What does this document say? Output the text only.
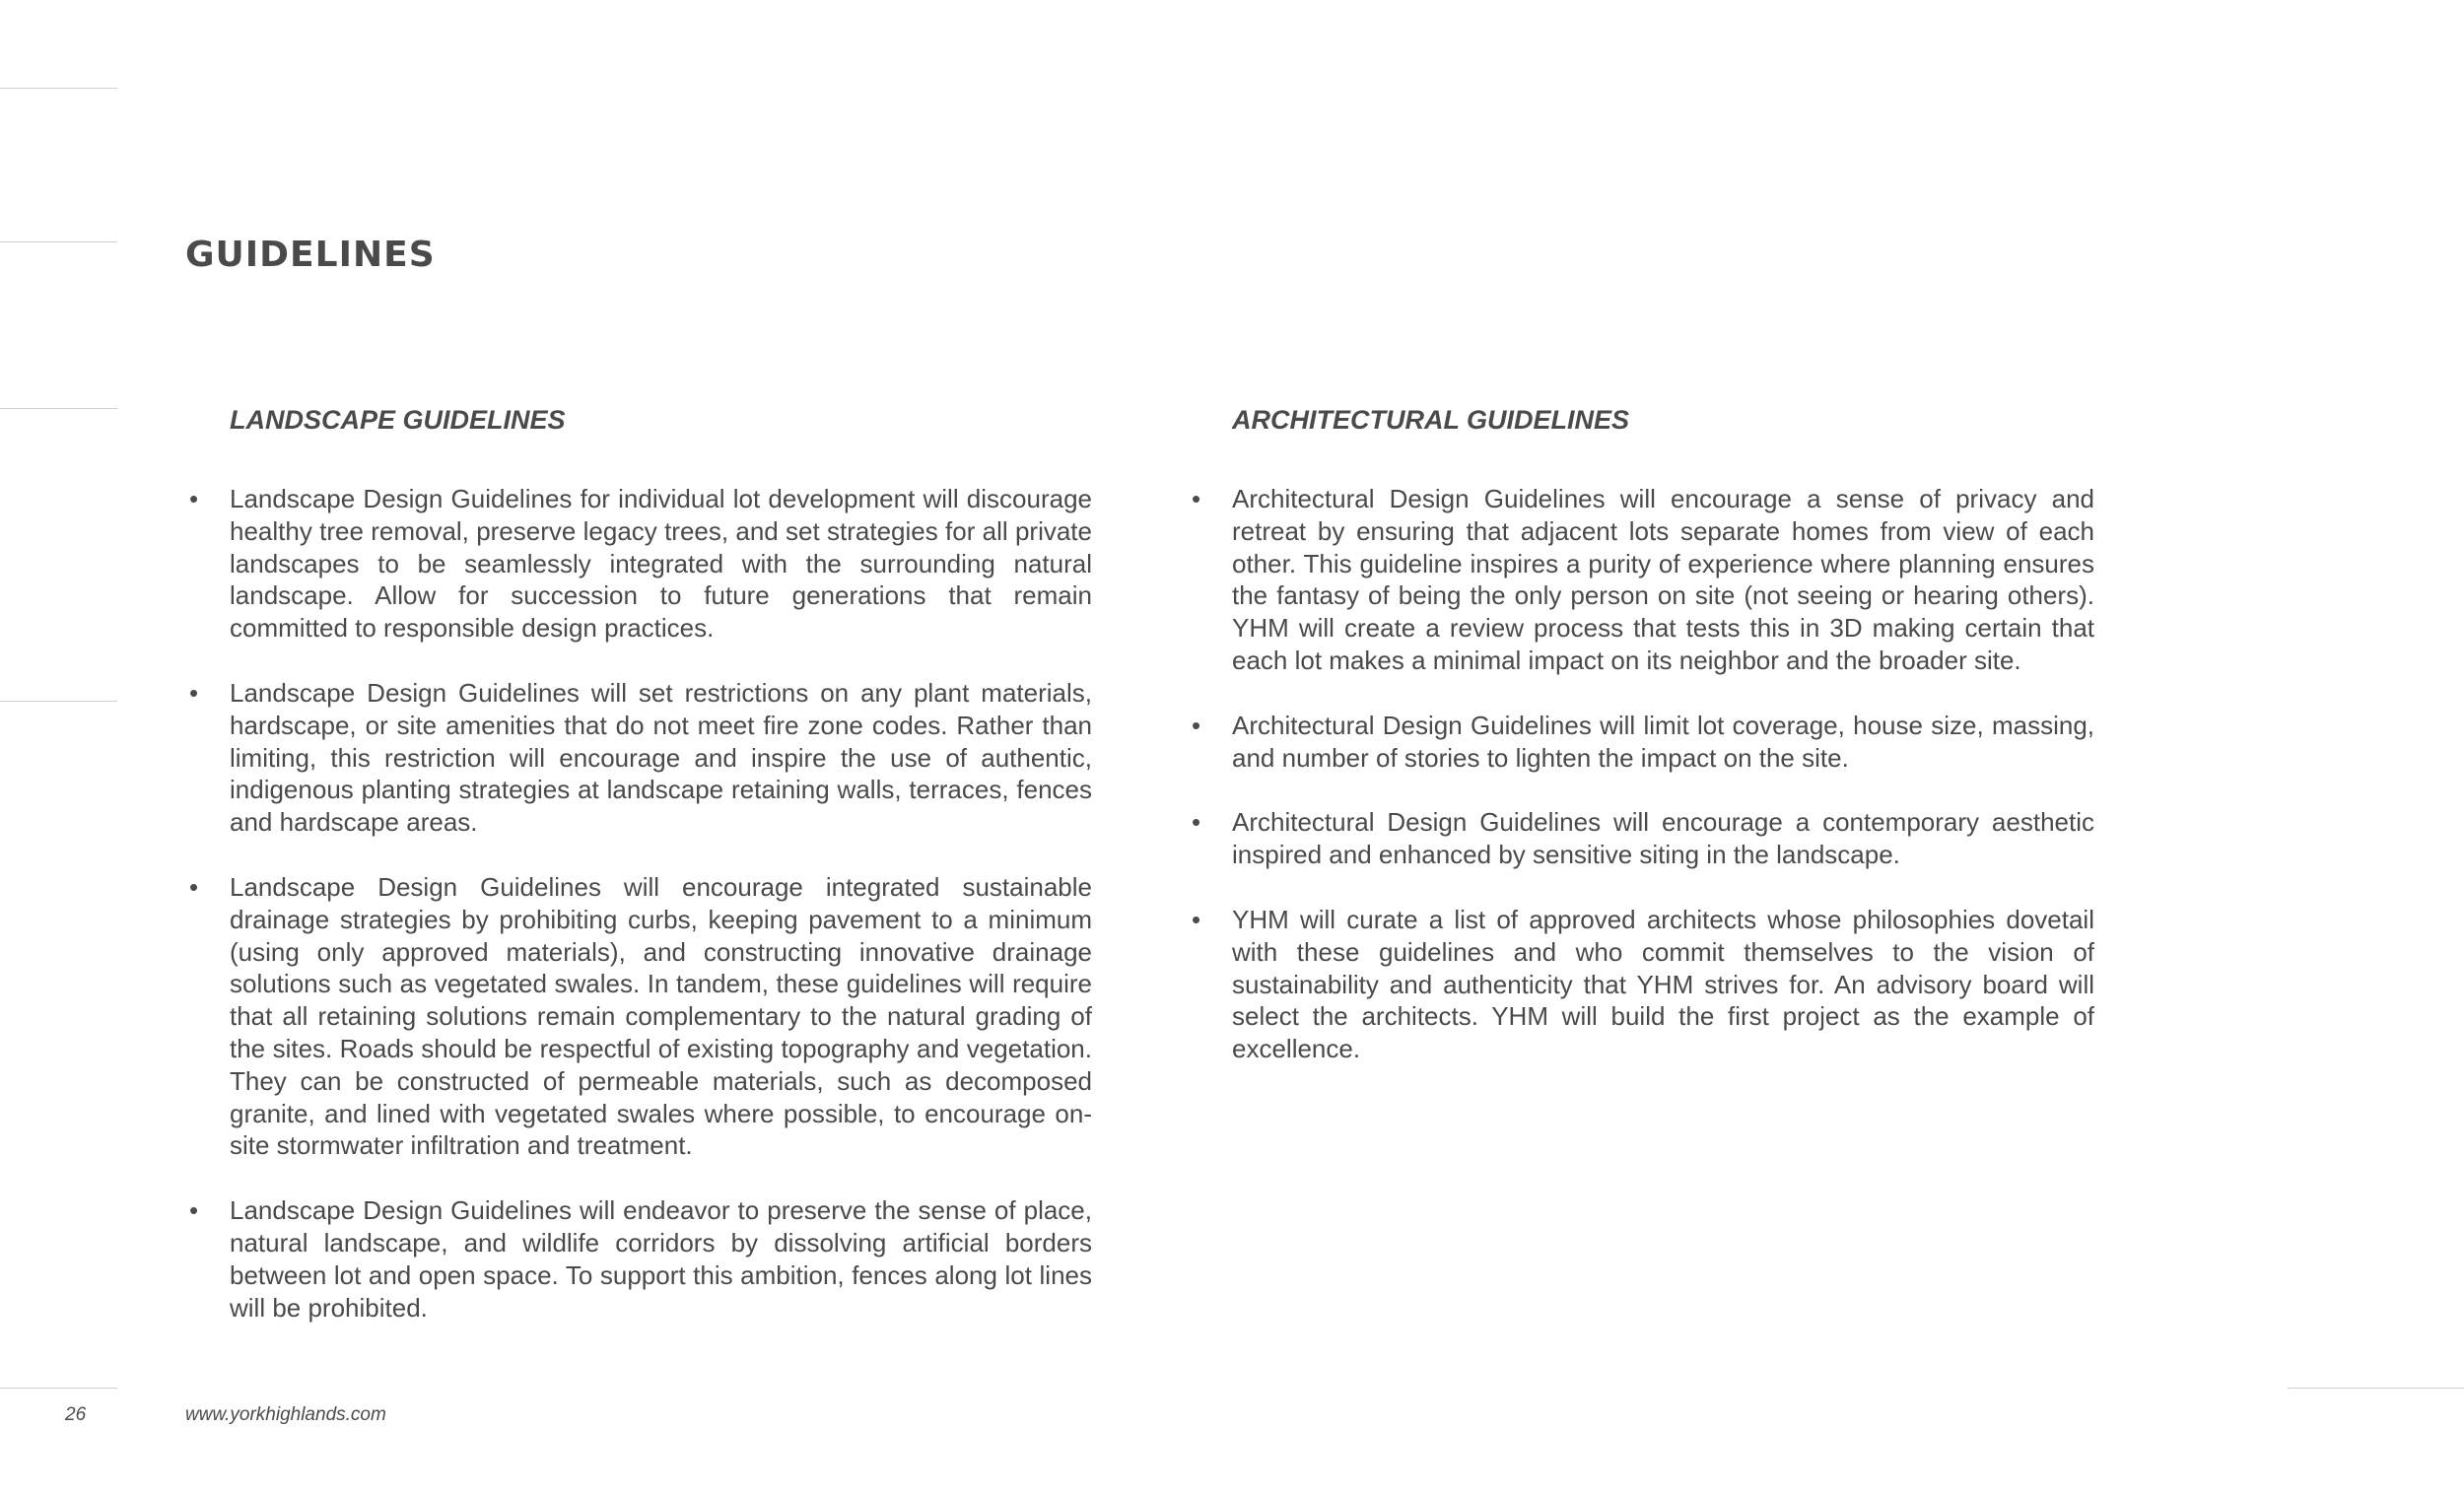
GUIDELINES
LANDSCAPE GUIDELINES
• Landscape Design Guidelines for individual lot development will discourage healthy tree removal, preserve legacy trees, and set strategies for all private landscapes to be seamlessly integrated with the surrounding natural landscape. Allow for succession to future generations that remain committed to responsible design practices.
• Landscape Design Guidelines will set restrictions on any plant materials, hardscape, or site amenities that do not meet fire zone codes. Rather than limiting, this restriction will encourage and inspire the use of authentic, indigenous planting strategies at landscape retaining walls, terraces, fences and hardscape areas.
• Landscape Design Guidelines will encourage integrated sustainable drainage strategies by prohibiting curbs, keeping pavement to a minimum (using only approved materials), and constructing innovative drainage solutions such as vegetated swales. In tandem, these guidelines will require that all retaining solutions remain complementary to the natural grading of the sites. Roads should be respectful of existing topography and vegetation. They can be constructed of permeable materials, such as decomposed granite, and lined with vegetated swales where possible, to encourage on-site stormwater infiltration and treatment.
• Landscape Design Guidelines will endeavor to preserve the sense of place, natural landscape, and wildlife corridors by dissolving artificial borders between lot and open space. To support this ambition, fences along lot lines will be prohibited.
ARCHITECTURAL GUIDELINES
• Architectural Design Guidelines will encourage a sense of privacy and retreat by ensuring that adjacent lots separate homes from view of each other. This guideline inspires a purity of experience where planning ensures the fantasy of being the only person on site (not seeing or hearing others). YHM will create a review process that tests this in 3D making certain that each lot makes a minimal impact on its neighbor and the broader site.
• Architectural Design Guidelines will limit lot coverage, house size, massing, and number of stories to lighten the impact on the site.
• Architectural Design Guidelines will encourage a contemporary aesthetic inspired and enhanced by sensitive siting in the landscape.
• YHM will curate a list of approved architects whose philosophies dovetail with these guidelines and who commit themselves to the vision of sustainability and authenticity that YHM strives for. An advisory board will select the architects. YHM will build the first project as the example of excellence.
26	www.yorkhighlands.com
